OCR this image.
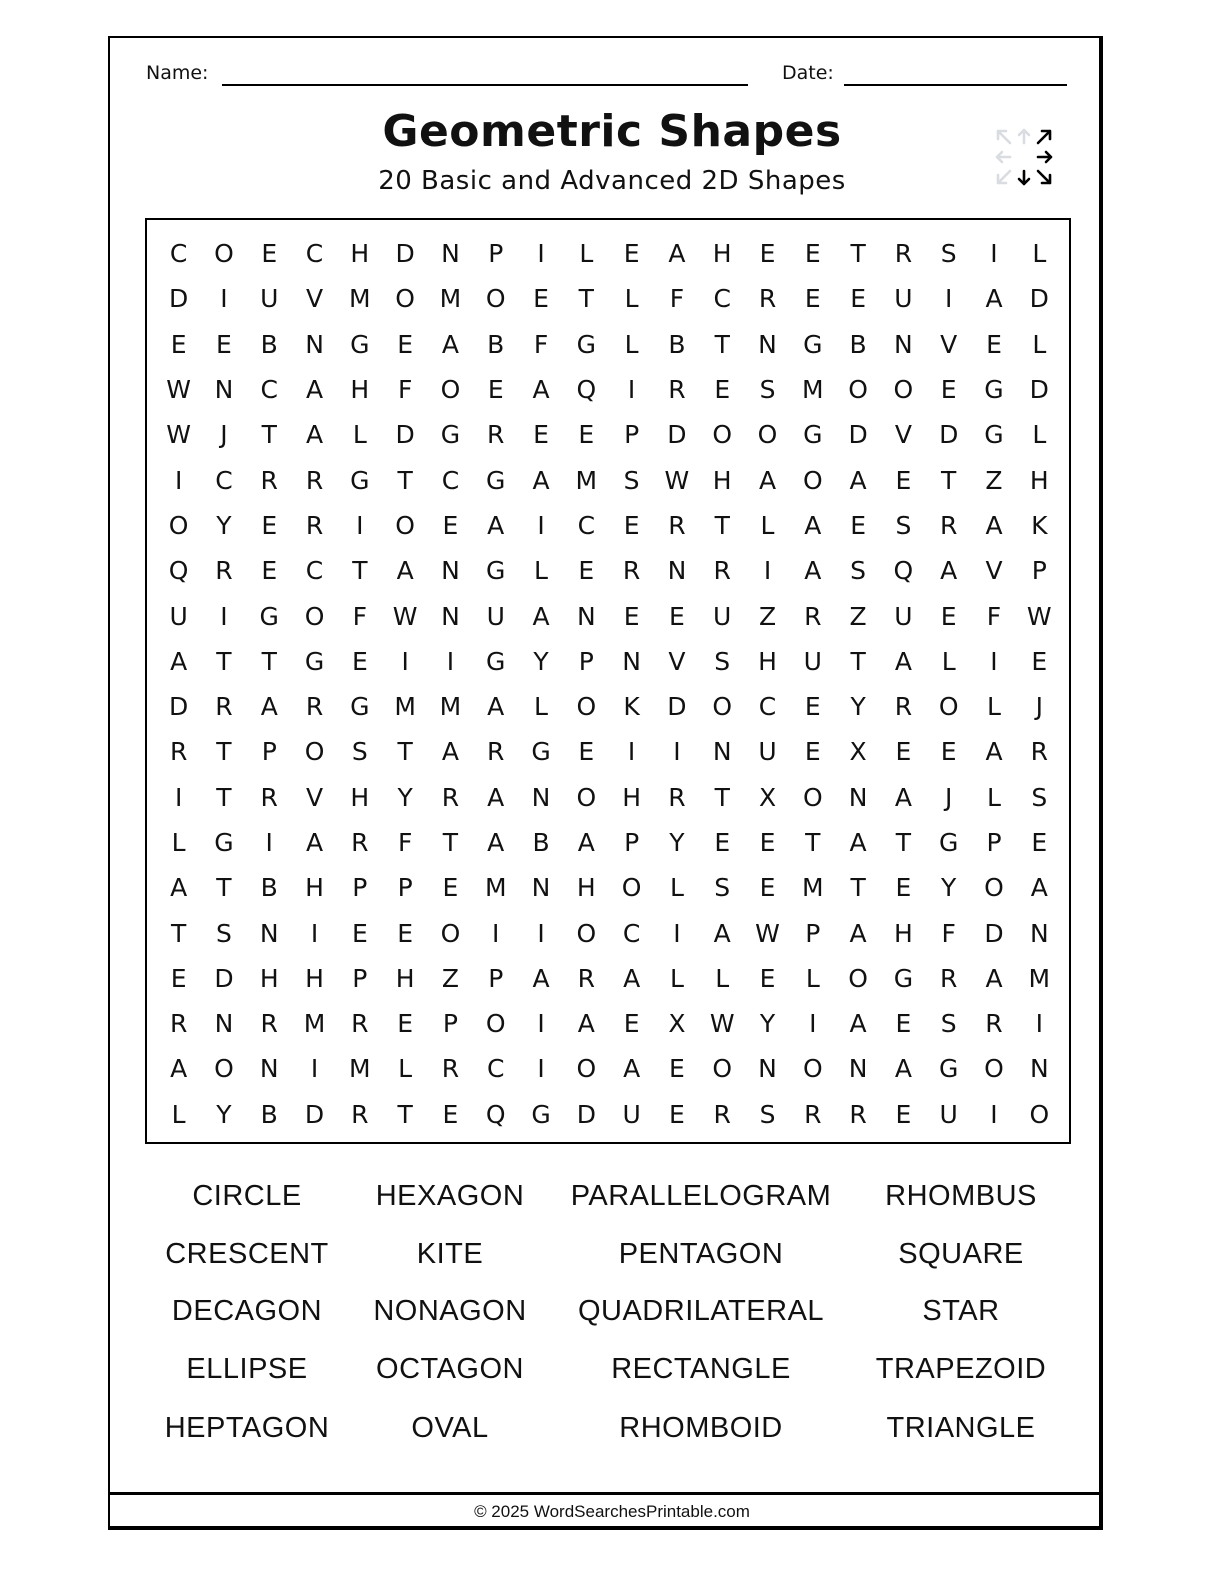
Name:	Date:
Geometric Shapes
20 Basic and Advanced 2D Shapes
C	O	E	C	H	D	N	P	I	L	E	A	H	E	E	T	R	S	I	L
D	I	U	V	M O M O	E	T	L	F	C	R	E	E	U	I	A	D
E	E	B	N	G	E	A	B	F	G	L	B	T	N	G	B	N	V	E	L
W N	C	A	H	F	O	E	A	Q	I	R	E	S	M O	O	E	G	D
W	J	T	A	L	D	G	R	E	E	P	D	O	O	G	D	V	D	G	L
I	C	R	R	G	T	C	G	A	M	S	W H	A	O	A	E	T	Z	H
O	Y	E	R	I	O	E	A	I	C	E	R	T	L	A	E	S	R	A	K
Q	R	E	C	T	A	N	G	L	E	R	N	R	I	A	S	Q	A	V	P
U	I	G	O	F	W N	U	A	N	E	E	U	Z	R	Z	U	E	F	W
A	T	T	G	E	I	I	G	Y	P	N	V	S	H	U	T	A	L	I	E
D	R	A	R	G M M	A	L	O	K	D	O	C	E	Y	R	O	L	J
R	T	P	O	S	T	A	R	G	E	I	I	N	U	E	X	E	E	A	R
I	T	R	V	H	Y	R	A	N	O	H	R	T	X	O	N	A	J	L	S
L	G	I	A	R	F	T	A	B	A	P	Y	E	E	T	A	T	G	P	E
A	T	B	H	P	P	E	M	N	H	O	L	S	E	M	T	E	Y	O	A
T	S	N	I	E	E	O	I	I	O	C	I	A W	P	A	H	F	D	N
E	D	H	H	P	H	Z	P	A	R	A	L	L	E	L	O	G	R	A	M
R	N	R	M	R	E	P	O	I	A	E	X W	Y	I	A	E	S	R	I
A	O	N	I	M	L	R	C	I	O	A	E	O	N	O	N	A	G	O	N
L	Y	B	D	R	T	E	Q	G	D	U	E	R	S	R	R	E	U	I	O
CIRCLE
CRESCENT
DECAGON
ELLIPSE
HEPTAGON
HEXAGON
KITE
NONAGON
OCTAGON
OVAL
PARALLELOGRAM
PENTAGON
QUADRILATERAL
RECTANGLE
RHOMBOID
RHOMBUS
SQUARE
STAR
TRAPEZOID
TRIANGLE
© 2025 WordSearchesPrintable.com
